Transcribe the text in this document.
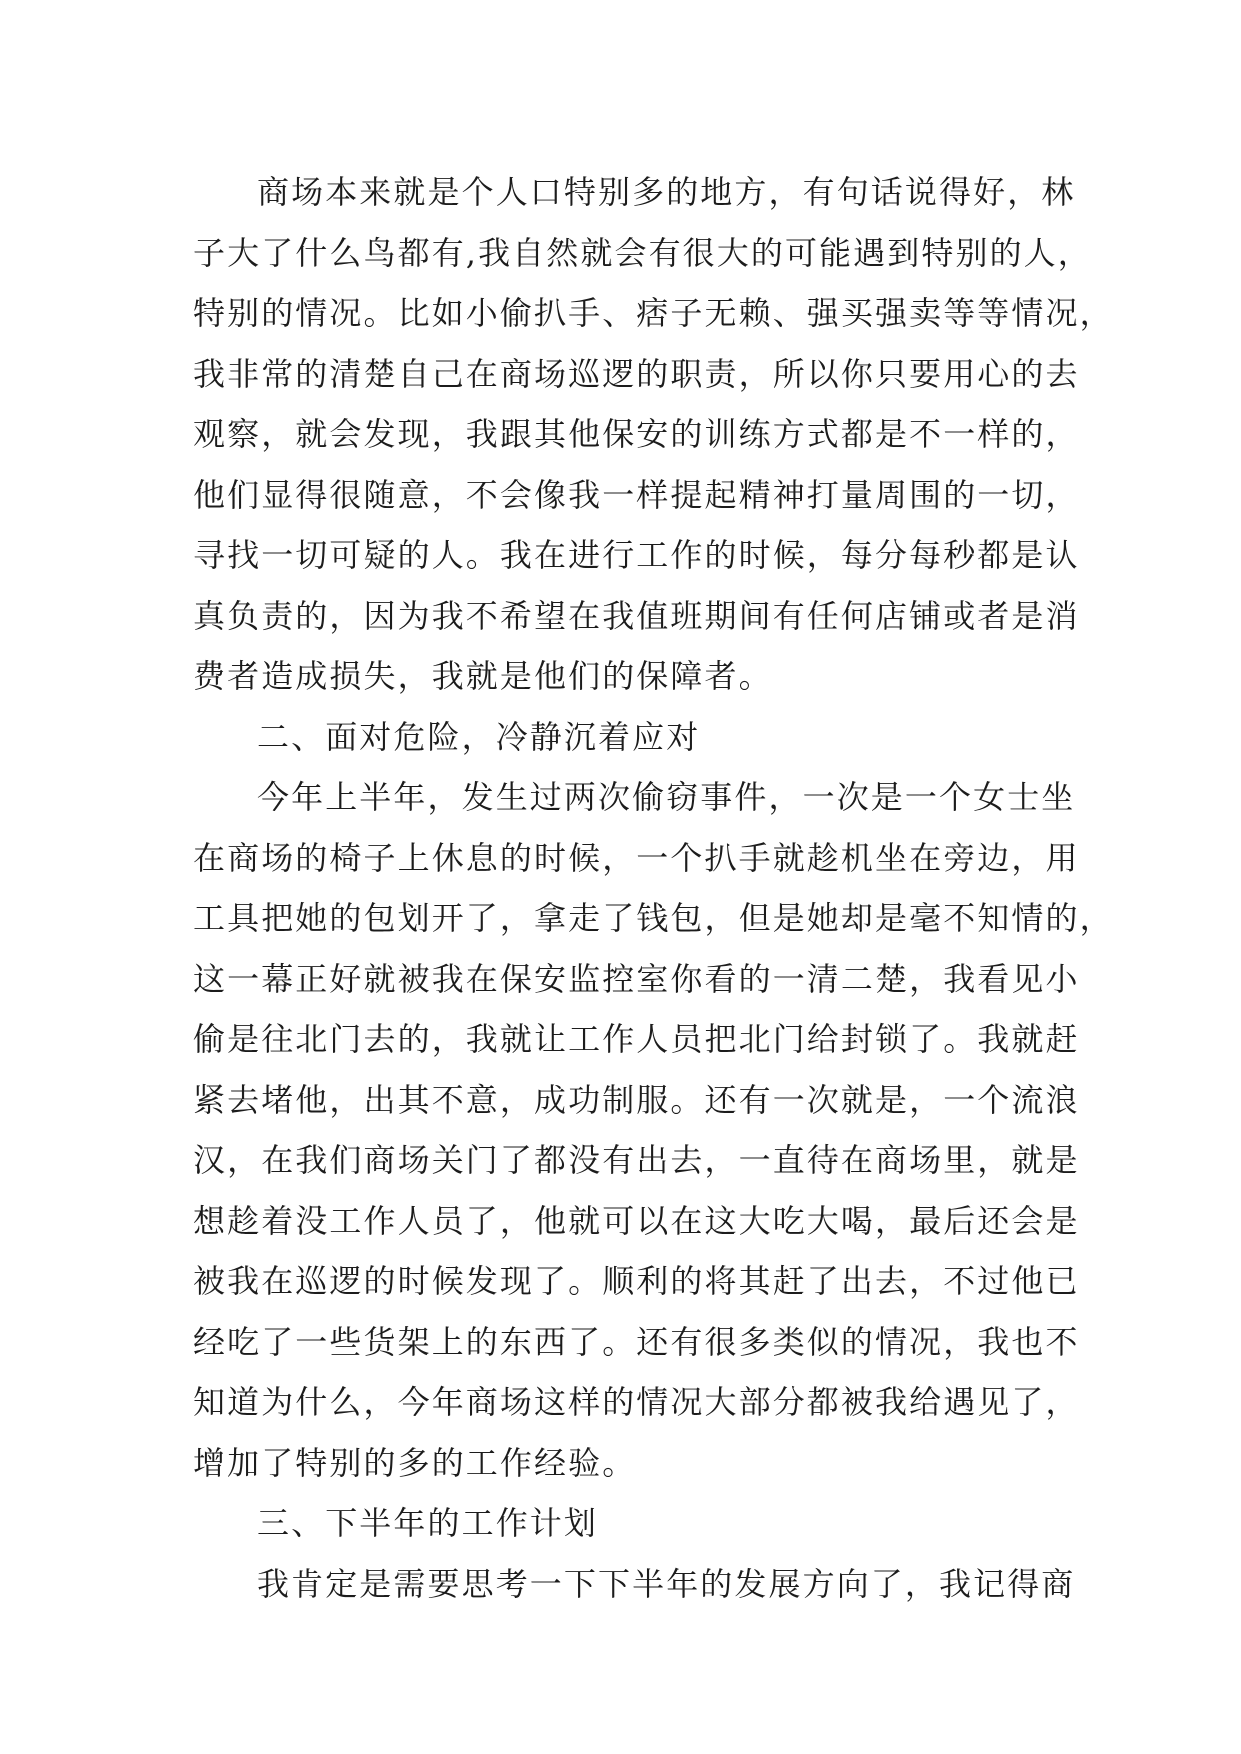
商场本来就是个人口特别多的地方，有句话说得好，林
子大了什么鸟都有,我自然就会有很大的可能遇到特别的人，
特别的情况。比如小偷扒手、痞子无赖、强买强卖等等情况，
我非常的清楚自己在商场巡逻的职责，所以你只要用心的去
观察，就会发现，我跟其他保安的训练方式都是不一样的，
他们显得很随意，不会像我一样提起精神打量周围的一切，
寻找一切可疑的人。我在进行工作的时候，每分每秒都是认
真负责的，因为我不希望在我值班期间有任何店铺或者是消
费者造成损失，我就是他们的保障者。
二、面对危险，冷静沉着应对
今年上半年，发生过两次偷窃事件，一次是一个女士坐
在商场的椅子上休息的时候，一个扒手就趁机坐在旁边，用
工具把她的包划开了，拿走了钱包，但是她却是毫不知情的，
这一幕正好就被我在保安监控室你看的一清二楚，我看见小
偷是往北门去的，我就让工作人员把北门给封锁了。我就赶
紧去堵他，出其不意，成功制服。还有一次就是，一个流浪
汉，在我们商场关门了都没有出去，一直待在商场里，就是
想趁着没工作人员了，他就可以在这大吃大喝，最后还会是
被我在巡逻的时候发现了。顺利的将其赶了出去，不过他已
经吃了一些货架上的东西了。还有很多类似的情况，我也不
知道为什么，今年商场这样的情况大部分都被我给遇见了，
增加了特别的多的工作经验。
三、下半年的工作计划
我肯定是需要思考一下下半年的发展方向了，我记得商
